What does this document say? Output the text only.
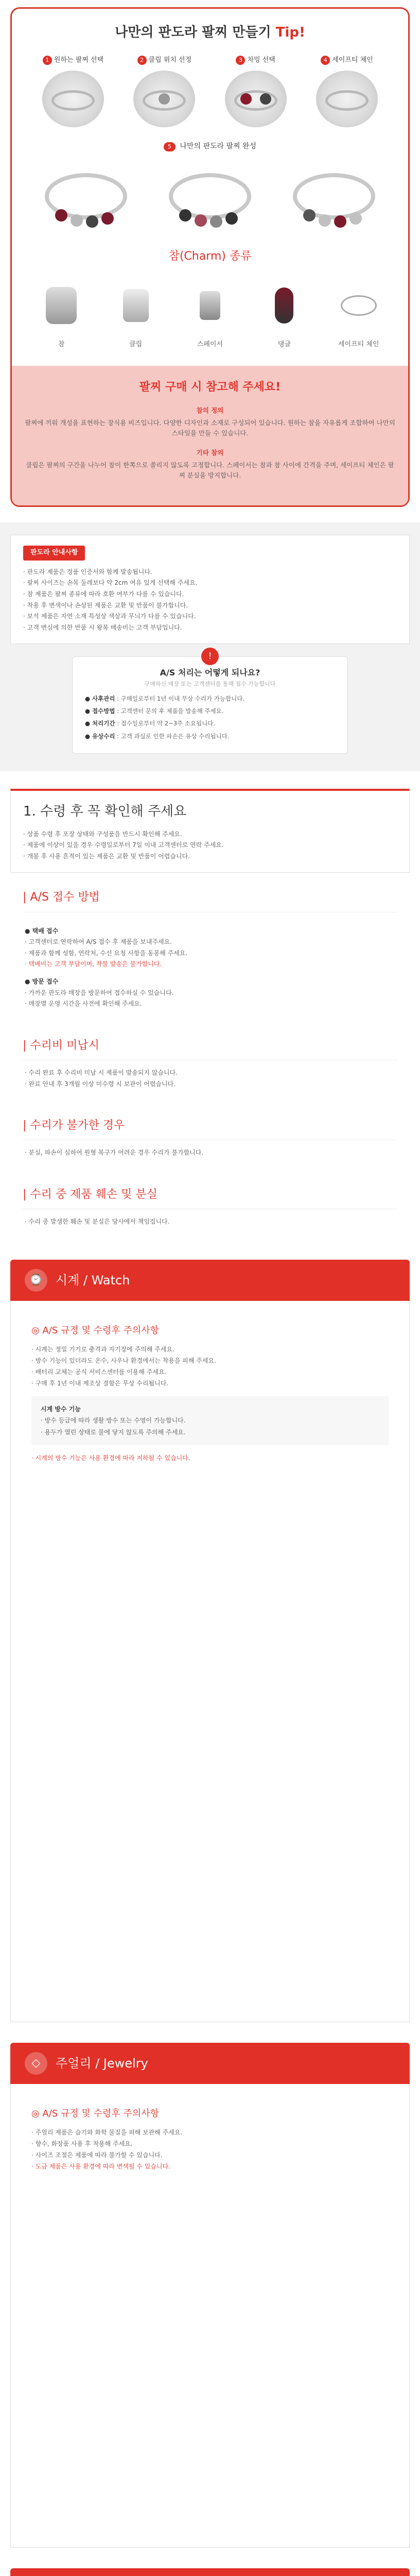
나만의 판도라 팔찌 만들기 Tip!
1 원하는 팔찌 선택	2 클립 위치 선정	3 차밍 선택	4 세이프티 체인
5 나만의 판도라 팔찌 완성
참(Charm) 종류
참	클립	스페이서	댕글	세이프티 체인
팔찌 구매 시 참고해 주세요!
참의 정의
팔찌에 끼워 개성을 표현하는 장식용 비즈입니다. 다양한 디자인과 소재로 구성되어 있습니다. 원하는 참을 자유롭게 조합하여 나만의 스타일을 만들 수 있습니다.
기타 참의
클립은 팔찌의 구간을 나누어 참이 한쪽으로 쏠리지 않도록 고정합니다. 스페이서는 참과 참 사이에 간격을 주며, 세이프티 체인은 팔찌 분실을 방지합니다.
판도라 안내사항
· 판도라 제품은 정품 인증서와 함께 발송됩니다.
· 팔찌 사이즈는 손목 둘레보다 약 2cm 여유 있게 선택해 주세요.
· 참 제품은 팔찌 종류에 따라 호환 여부가 다를 수 있습니다.
· 착용 후 변색이나 손상된 제품은 교환 및 반품이 불가합니다.
· 보석 제품은 자연 소재 특성상 색상과 무늬가 다를 수 있습니다.
· 고객 변심에 의한 반품 시 왕복 배송비는 고객 부담입니다.
!
A/S 처리는 어떻게 되나요?
구매하신 매장 또는 고객센터를 통해 접수 가능합니다
● 사후관리 : 구매일로부터 1년 이내 무상 수리가 가능합니다.
● 접수방법 : 고객센터 문의 후 제품을 발송해 주세요.
● 처리기간 : 접수일로부터 약 2~3주 소요됩니다.
● 유상수리 : 고객 과실로 인한 파손은 유상 수리됩니다.
1. 수령 후 꼭 확인해 주세요
· 상품 수령 후 포장 상태와 구성품을 반드시 확인해 주세요.
· 제품에 이상이 있을 경우 수령일로부터 7일 이내 고객센터로 연락 주세요.
· 개봉 후 사용 흔적이 있는 제품은 교환 및 반품이 어렵습니다.
| A/S 접수 방법
● 택배 접수
· 고객센터로 연락하여 A/S 접수 후 제품을 보내주세요.
· 제품과 함께 성함, 연락처, 수선 요청 사항을 동봉해 주세요.
· 택배비는 고객 부담이며, 착불 발송은 불가합니다.
● 방문 접수
· 가까운 판도라 매장을 방문하여 접수하실 수 있습니다.
· 매장별 운영 시간을 사전에 확인해 주세요.
| 수리비 미납시
· 수리 완료 후 수리비 미납 시 제품이 발송되지 않습니다.
· 완료 안내 후 3개월 이상 미수령 시 보관이 어렵습니다.
| 수리가 불가한 경우
· 분실, 파손이 심하여 원형 복구가 어려운 경우 수리가 불가합니다.
| 수리 중 제품 훼손 및 분실
· 수리 중 발생한 훼손 및 분실은 당사에서 책임집니다.
⌚	시계 / Watch
◎ A/S 규정 및 수령후 주의사항
· 시계는 정밀 기기로 충격과 자기장에 주의해 주세요.
· 방수 기능이 있더라도 온수, 사우나 환경에서는 착용을 피해 주세요.
· 배터리 교체는 공식 서비스센터를 이용해 주세요.
· 구매 후 1년 이내 제조상 결함은 무상 수리됩니다.
시계 방수 기능
· 방수 등급에 따라 생활 방수 또는 수영이 가능합니다.
· 용두가 열린 상태로 물에 닿지 않도록 주의해 주세요.
· 시계의 방수 기능은 사용 환경에 따라 저하될 수 있습니다.
◇	주얼리 / Jewelry
◎ A/S 규정 및 수령후 주의사항
· 주얼리 제품은 습기와 화학 물질을 피해 보관해 주세요.
· 향수, 화장품 사용 후 착용해 주세요.
· 사이즈 조절은 제품에 따라 불가할 수 있습니다.
· 도금 제품은 사용 환경에 따라 변색될 수 있습니다.
